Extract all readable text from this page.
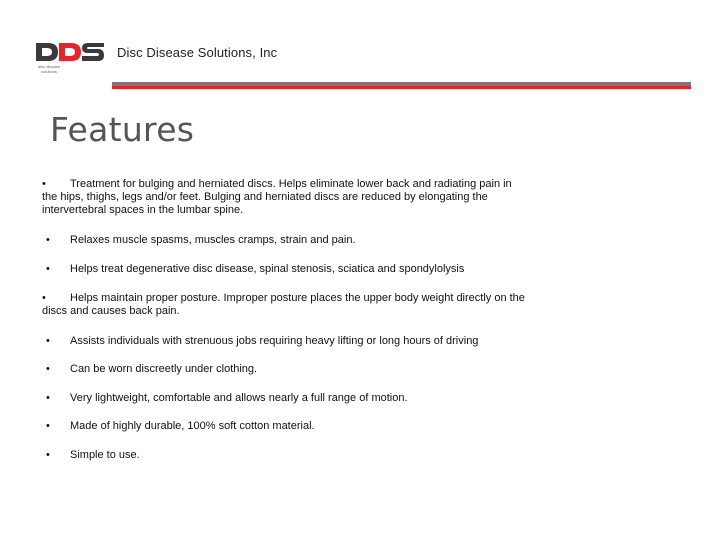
disc disease solutions
Disc Disease Solutions, Inc
Features
• Treatment for bulging and herniated discs. Helps eliminate lower back and radiating pain in the hips, thighs, legs and/or feet. Bulging and herniated discs are reduced by elongating the intervertebral spaces in the lumbar spine.
• Relaxes muscle spasms, muscles cramps, strain and pain.
• Helps treat degenerative disc disease, spinal stenosis, sciatica and spondylolysis
• Helps maintain proper posture. Improper posture places the upper body weight directly on the discs and causes back pain.
• Assists individuals with strenuous jobs requiring heavy lifting or long hours of driving
• Can be worn discreetly under clothing.
• Very lightweight, comfortable and allows nearly a full range of motion.
• Made of highly durable, 100% soft cotton material.
• Simple to use.
